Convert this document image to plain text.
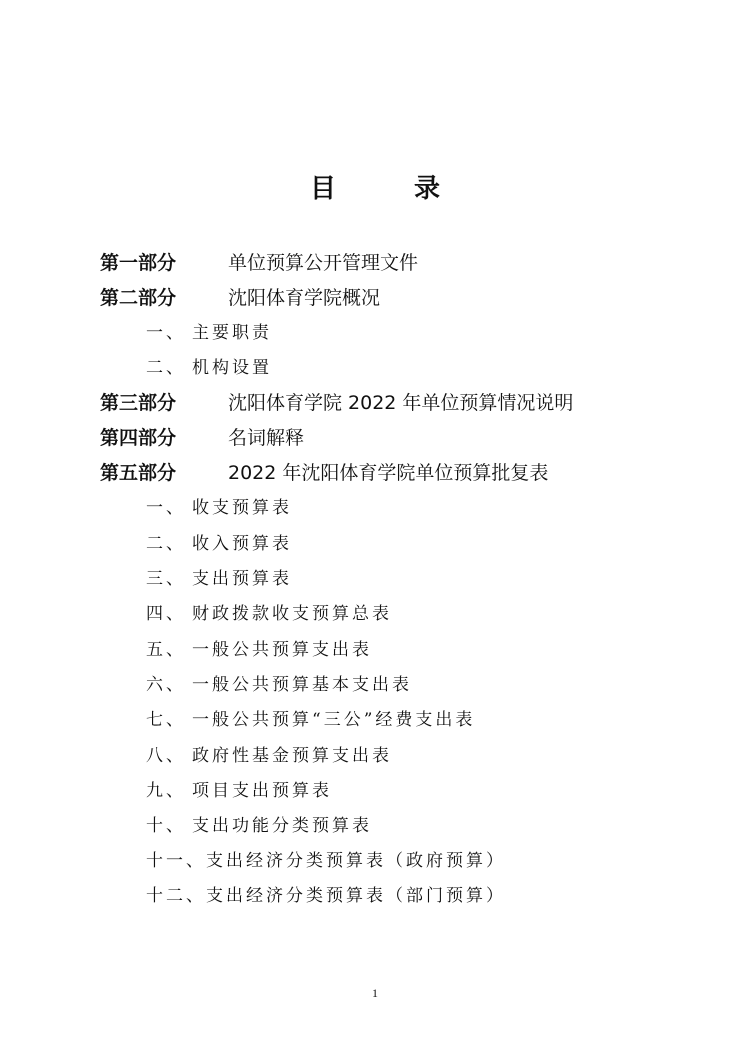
目　录
第一部分	单位预算公开管理文件
第二部分	沈阳体育学院概况
一、 主要职责
二、 机构设置
第三部分	沈阳体育学院 2022 年单位预算情况说明
第四部分	名词解释
第五部分	2022 年沈阳体育学院单位预算批复表
一、 收支预算表
二、 收入预算表
三、 支出预算表
四、 财政拨款收支预算总表
五、 一般公共预算支出表
六、 一般公共预算基本支出表
七、 一般公共预算“三公”经费支出表
八、 政府性基金预算支出表
九、 项目支出预算表
十、 支出功能分类预算表
十一、支出经济分类预算表（政府预算）
十二、支出经济分类预算表（部门预算）
1
